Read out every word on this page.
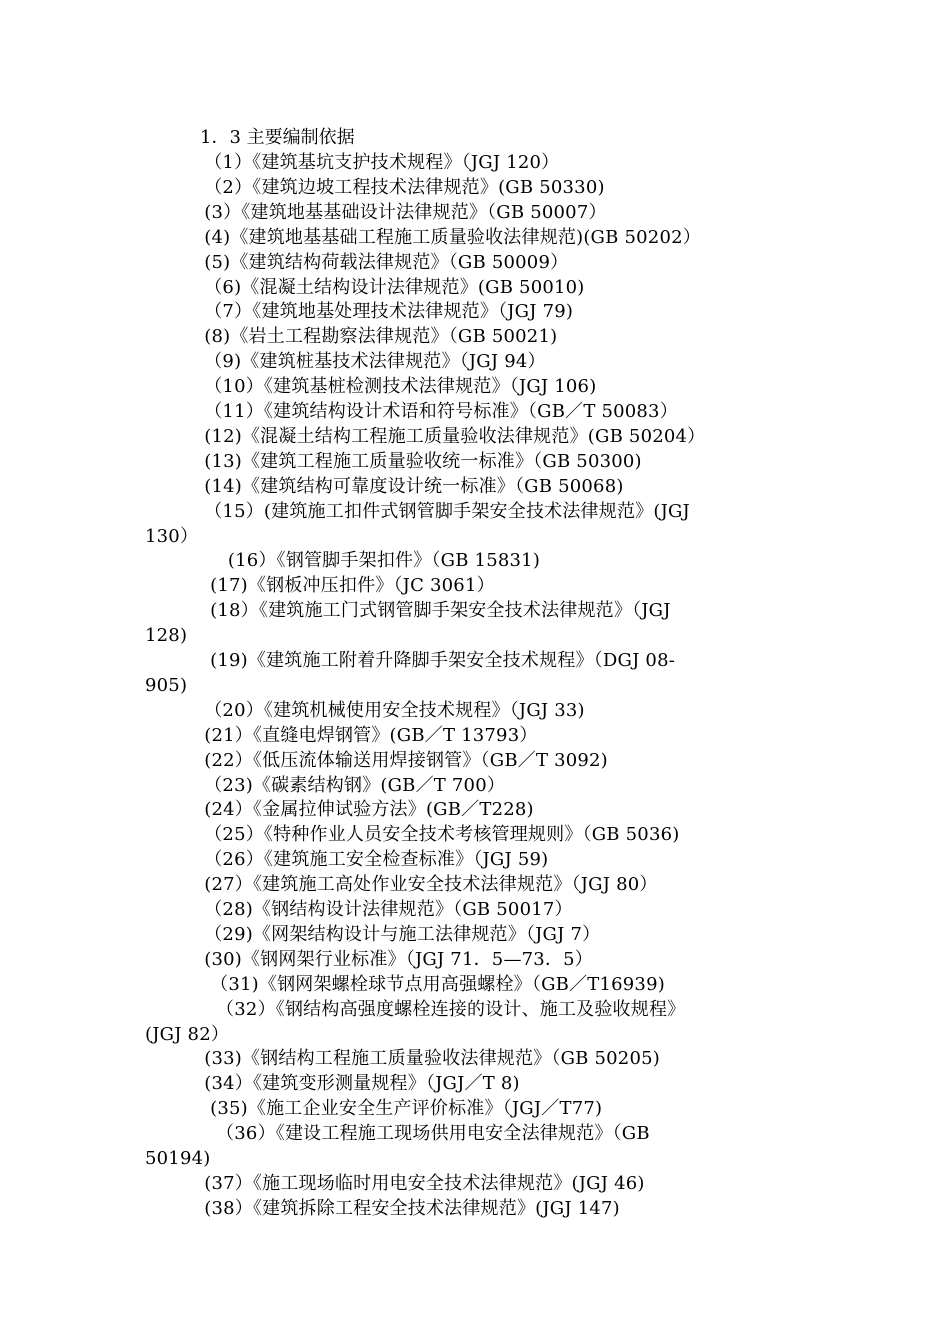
1．3 主要编制依据
（1）《建筑基坑支护技术规程》（JGJ 120）
（2）《建筑边坡工程技术法律规范》(GB 50330)
(3）《建筑地基基础设计法律规范》（GB 50007）
(4)《建筑地基基础工程施工质量验收法律规范)(GB 50202）
(5)《建筑结构荷载法律规范》（GB 50009）
（6)《混凝土结构设计法律规范》(GB 50010)
（7）《建筑地基处理技术法律规范》（JGJ 79)
(8)《岩土工程勘察法律规范》（GB 50021)
（9)《建筑桩基技术法律规范》（JGJ 94）
（10）《建筑基桩检测技术法律规范》（JGJ 106)
（11）《建筑结构设计术语和符号标准》（GB／T 50083）
(12)《混凝土结构工程施工质量验收法律规范》(GB 50204）
(13)《建筑工程施工质量验收统一标准》（GB 50300)
(14)《建筑结构可靠度设计统一标准》（GB 50068)
（15）(建筑施工扣件式钢管脚手架安全技术法律规范》(JGJ
130）
(16）《钢管脚手架扣件》（GB 15831)
(17)《钢板冲压扣件》（JC 3061）
(18）《建筑施工门式钢管脚手架安全技术法律规范》（JGJ
128)
(19)《建筑施工附着升降脚手架安全技术规程》（DGJ 08-
905)
（20）《建筑机械使用安全技术规程》（JGJ 33)
(21）《直缝电焊钢管》(GB／T 13793）
(22）《低压流体输送用焊接钢管》（GB／T 3092)
（23)《碳素结构钢》(GB／T 700）
(24）《金属拉伸试验方法》(GB／T228)
（25）《特种作业人员安全技术考核管理规则》（GB 5036)
（26）《建筑施工安全检查标准》（JGJ 59)
(27）《建筑施工高处作业安全技术法律规范》（JGJ 80）
（28)《钢结构设计法律规范》（GB 50017）
（29)《网架结构设计与施工法律规范》（JGJ 7）
(30)《钢网架行业标准》（JGJ 71．5—73．5）
（31)《钢网架螺栓球节点用高强螺栓》（GB／T16939)
（32）《钢结构高强度螺栓连接的设计、施工及验收规程》
(JGJ 82）
(33)《钢结构工程施工质量验收法律规范》（GB 50205)
(34）《建筑变形测量规程》（JGJ／T 8)
(35)《施工企业安全生产评价标准》（JGJ／T77)
（36）《建设工程施工现场供用电安全法律规范》（GB
50194)
(37）《施工现场临时用电安全技术法律规范》(JGJ 46)
(38）《建筑拆除工程安全技术法律规范》(JGJ 147)
